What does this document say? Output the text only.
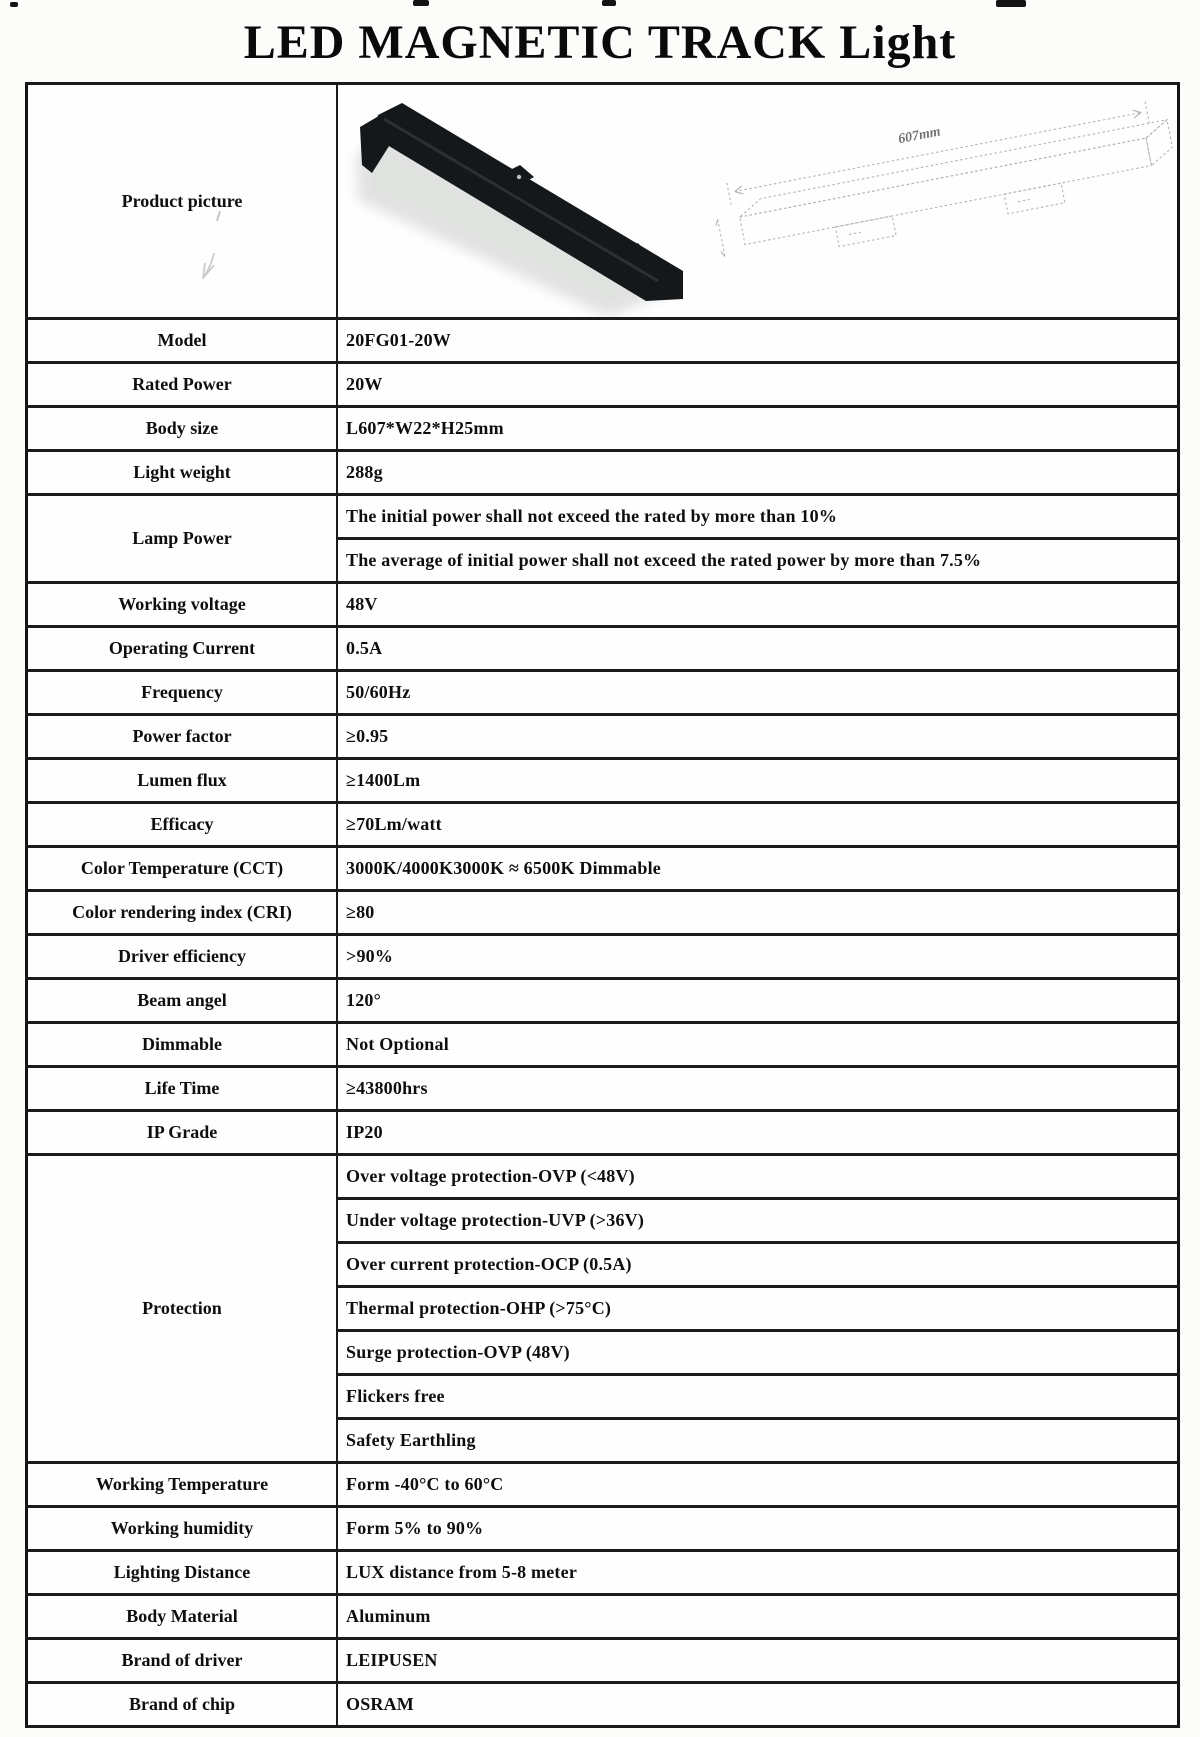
LED MAGNETIC TRACK Light
Product picture	607mm

Model	20FG01-20W
Rated Power	20W
Body size	L607*W22*H25mm
Light weight	288g
Lamp Power	The initial power shall not exceed the rated by more than 10%
	The average of initial power shall not exceed the rated power by more than 7.5%
Working voltage	48V
Operating Current	0.5A
Frequency	50/60Hz
Power factor	≥0.95
Lumen flux	≥1400Lm
Efficacy	≥70Lm/watt
Color Temperature (CCT)	3000K/4000K3000K ≈ 6500K Dimmable
Color rendering index (CRI)	≥80
Driver efficiency	>90%
Beam angel	120°
Dimmable	Not Optional
Life Time	≥43800hrs
IP Grade	IP20
Protection	Over voltage protection-OVP (<48V)
	Under voltage protection-UVP (>36V)
	Over current protection-OCP (0.5A)
	Thermal protection-OHP (>75°C)
	Surge protection-OVP (48V)
	Flickers free
	Safety Earthling
Working Temperature	Form -40°C to 60°C
Working humidity	Form 5% to 90%
Lighting Distance	LUX distance from 5-8 meter
Body Material	Aluminum
Brand of driver	LEIPUSEN
Brand of chip	OSRAM
